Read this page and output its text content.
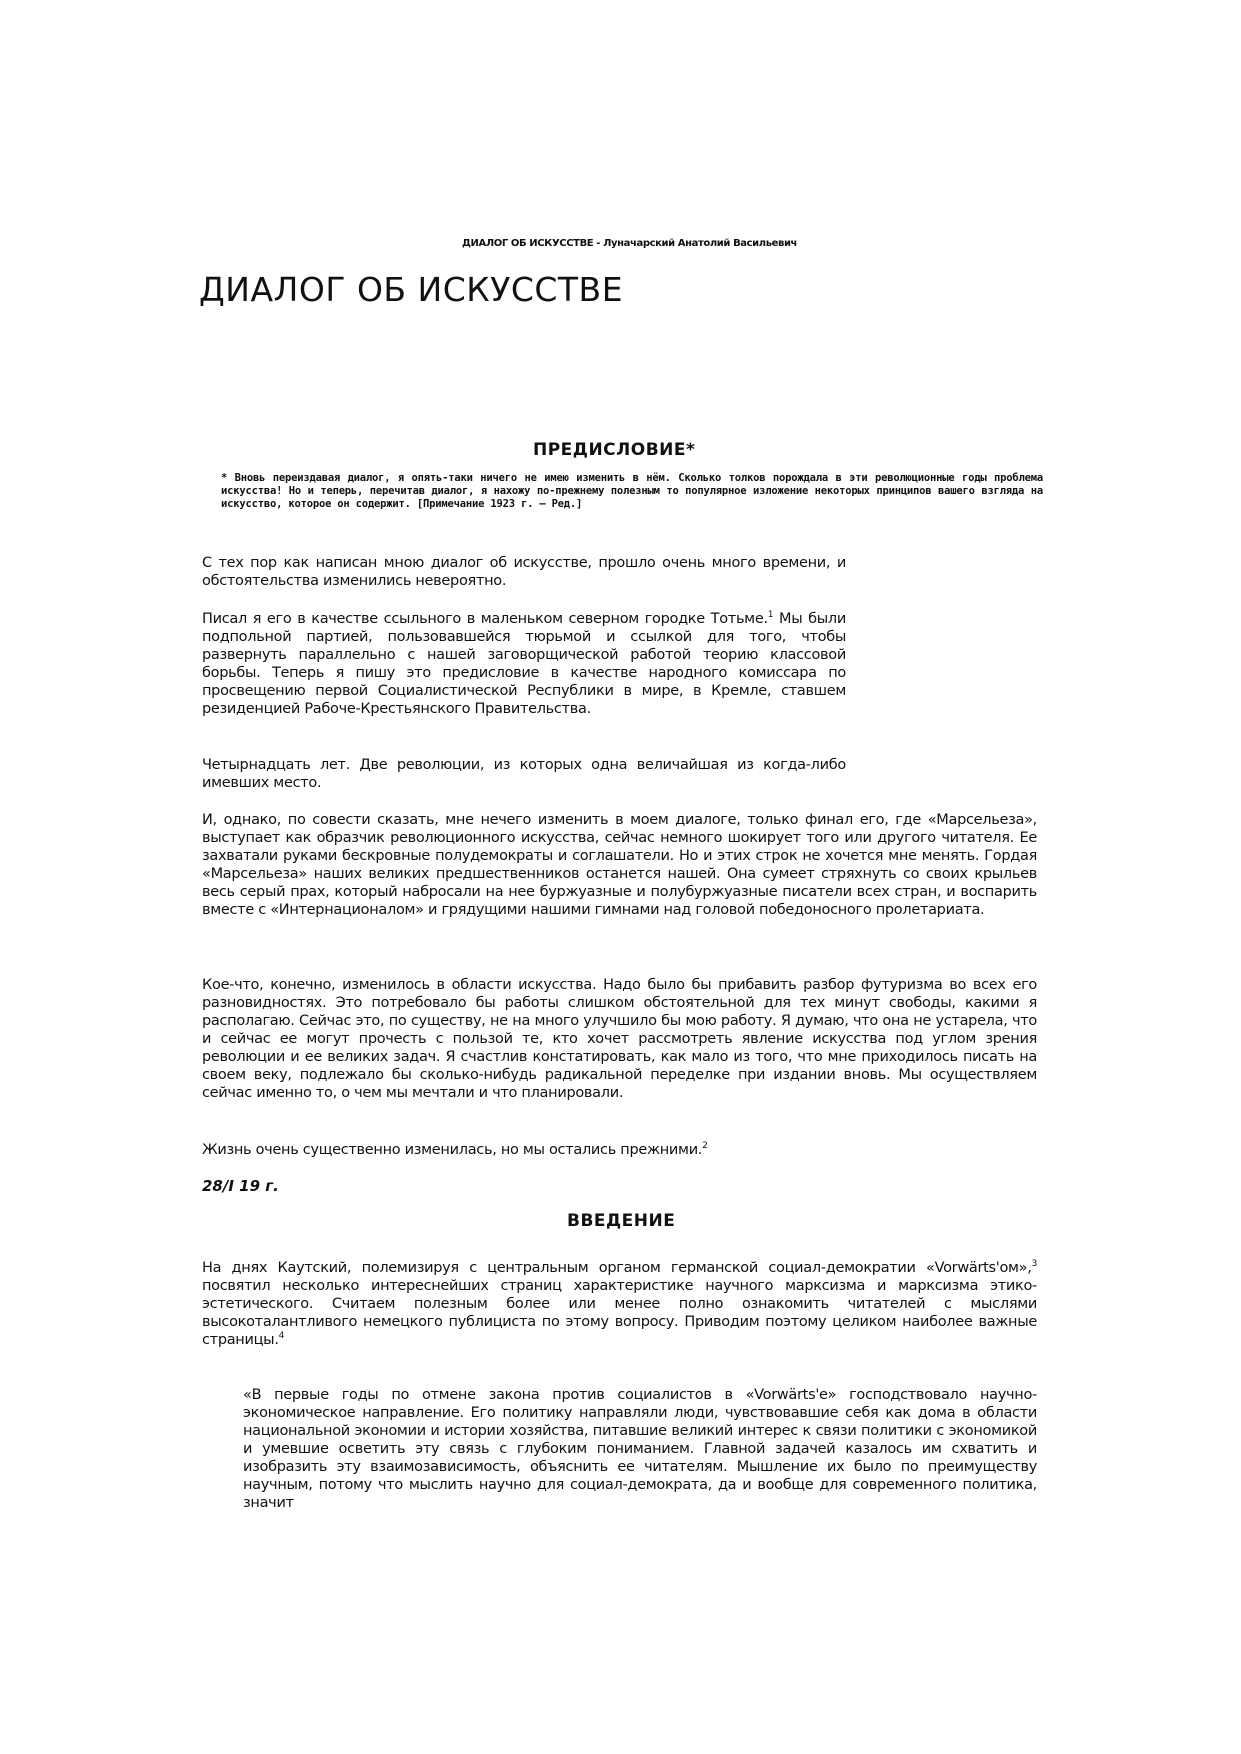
ДИАЛОГ ОБ ИСКУССТВЕ - Луначарский Анатолий Васильевич
ДИАЛОГ ОБ ИСКУССТВЕ
ПРЕДИСЛОВИЕ*

* Вновь переиздавая диалог, я опять-таки ничего не имею изменить в нём. Сколько толков порождала в эти революционные годы проблема искусства! Но и теперь, перечитав диалог, я нахожу по-прежнему полезным то популярное изложение некоторых принципов вашего взгляда на искусство, которое он содержит. [Примечание 1923 г. – Ред.]

С тех пор как написан мною диалог об искусстве, прошло очень много времени, и обстоятельства изменились невероятно.

Писал я его в качестве ссыльного в маленьком северном городке Тотьме.$^1$ Мы были подпольной партией, пользовавшейся тюрьмой и ссылкой для того, чтобы развернуть параллельно с нашей заговорщической работой теорию классовой борьбы. Теперь я пишу это предисловие в качестве народного комиссара по просвещению первой Социалистической Республики в мире, в Кремле, ставшем резиденцией Рабоче-Крестьянского Правительства.

Четырнадцать лет. Две революции, из которых одна величайшая из когда-либо имевших место.

И, однако, по совести сказать, мне нечего изменить в моем диалоге, только финал его, где «Марсельеза», выступает как образчик революционного искусства, сейчас немного шокирует того или другого читателя. Ее захватали руками бескровные полудемократы и соглашатели. Но и этих строк не хочется мне менять. Гордая «Марсельеза» наших великих предшественников останется нашей. Она сумеет стряхнуть со своих крыльев весь серый прах, который набросали на нее буржуазные и полубуржуазные писатели всех стран, и воспарить вместе с «Интернационалом» и грядущими нашими гимнами над головой победоносного пролетариата.

Кое-что, конечно, изменилось в области искусства. Надо было бы прибавить разбор футуризма во всех его разновидностях. Это потребовало бы работы слишком обстоятельной для тех минут свободы, какими я располагаю. Сейчас это, по существу, не на много улучшило бы мою работу. Я думаю, что она не устарела, что и сейчас ее могут прочесть с пользой те, кто хочет рассмотреть явление искусства под углом зрения революции и ее великих задач. Я счастлив констатировать, как мало из того, что мне приходилось писать на своем веку, подлежало бы сколько-нибудь радикальной переделке при издании вновь. Мы осуществляем сейчас именно то, о чем мы мечтали и что планировали.

Жизнь очень существенно изменилась, но мы остались прежними.$^2$

28/I 19 г.

ВВЕДЕНИЕ

На днях Каутский, полемизируя с центральным органом германской социал-демократии «Vorwärts'ом»,$^3$ посвятил несколько интереснейших страниц характеристике научного марксизма и марксизма этико-эстетического. Считаем полезным более или менее полно ознакомить читателей с мыслями высокоталантливого немецкого публициста по этому вопросу. Приводим поэтому целиком наиболее важные страницы.$^4$

«В первые годы по отмене закона против социалистов в «Vorwärts'е» господствовало научно-экономическое направление. Его политику направляли люди, чувствовавшие себя как дома в области национальной экономии и истории хозяйства, питавшие великий интерес к связи политики с экономикой и умевшие осветить эту связь с глубоким пониманием. Главной задачей казалось им схватить и изобразить эту взаимозависимость, объяснить ее читателям. Мышление их было по преимуществу научным, потому что мыслить научно для социал-демократа, да и вообще для современного политика, значит
